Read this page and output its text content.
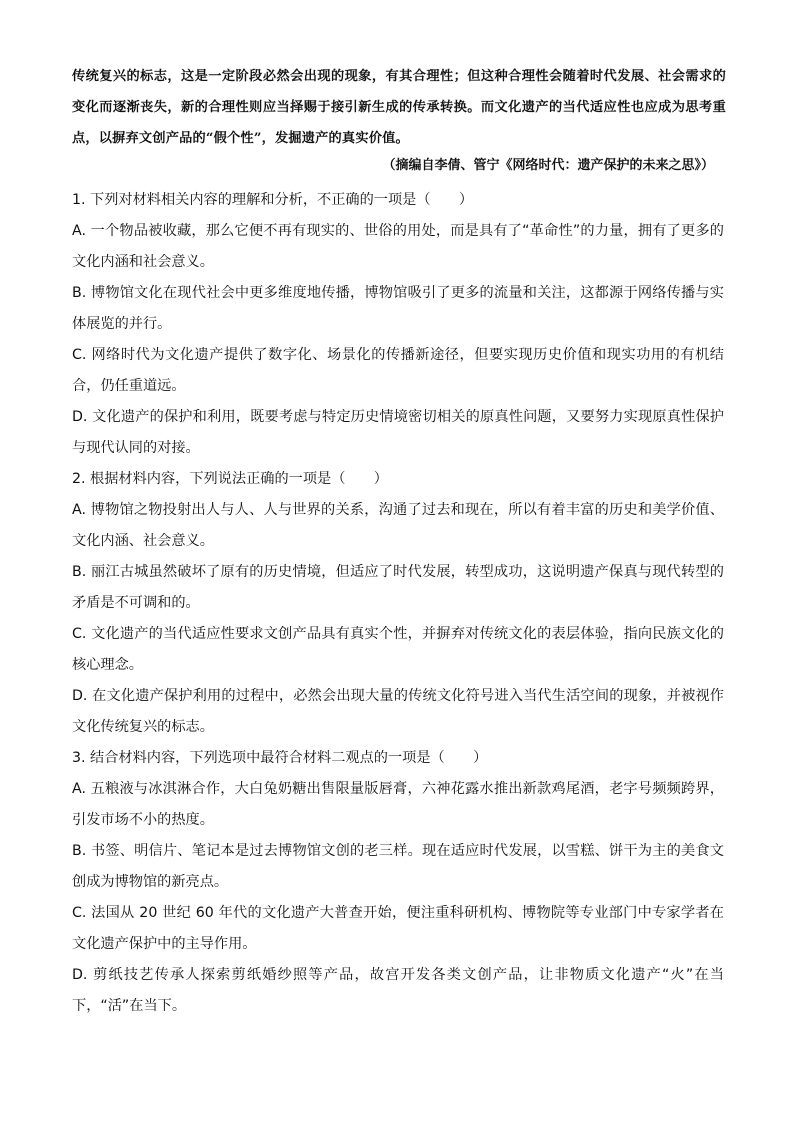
传统复兴的标志，这是一定阶段必然会出现的现象，有其合理性；但这种合理性会随着时代发展、社会需求的变化而逐渐丧失，新的合理性则应当择赐于接引新生成的传承转换。而文化遗产的当代适应性也应成为思考重点，以摒弃文创产品的“假个性”，发掘遗产的真实价值。

（摘编自李倩、管宁《网络时代：遗产保护的未来之思》）

1. 下列对材料相关内容的理解和分析，不正确的一项是（　　）

A. 一个物品被收藏，那么它便不再有现实的、世俗的用处，而是具有了“革命性”的力量，拥有了更多的文化内涵和社会意义。

B. 博物馆文化在现代社会中更多维度地传播，博物馆吸引了更多的流量和关注，这都源于网络传播与实体展览的并行。

C. 网络时代为文化遗产提供了数字化、场景化的传播新途径，但要实现历史价值和现实功用的有机结合，仍任重道远。

D. 文化遗产的保护和利用，既要考虑与特定历史情境密切相关的原真性问题，又要努力实现原真性保护与现代认同的对接。

2. 根据材料内容，下列说法正确的一项是（　　）

A. 博物馆之物投射出人与人、人与世界的关系，沟通了过去和现在，所以有着丰富的历史和美学价值、文化内涵、社会意义。

B. 丽江古城虽然破坏了原有的历史情境，但适应了时代发展，转型成功，这说明遗产保真与现代转型的矛盾是不可调和的。

C. 文化遗产的当代适应性要求文创产品具有真实个性，并摒弃对传统文化的表层体验，指向民族文化的核心理念。

D. 在文化遗产保护利用的过程中，必然会出现大量的传统文化符号进入当代生活空间的现象，并被视作文化传统复兴的标志。

3. 结合材料内容，下列选项中最符合材料二观点的一项是（　　）

A. 五粮液与冰淇淋合作，大白兔奶糖出售限量版唇膏，六神花露水推出新款鸡尾酒，老字号频频跨界，引发市场不小的热度。

B. 书签、明信片、笔记本是过去博物馆文创的老三样。现在适应时代发展，以雪糕、饼干为主的美食文创成为博物馆的新亮点。

C. 法国从 20 世纪 60 年代的文化遗产大普查开始，便注重科研机构、博物院等专业部门中专家学者在文化遗产保护中的主导作用。

D. 剪纸技艺传承人探索剪纸婚纱照等产品，故宫开发各类文创产品，让非物质文化遗产“火”在当下，“活”在当下。
